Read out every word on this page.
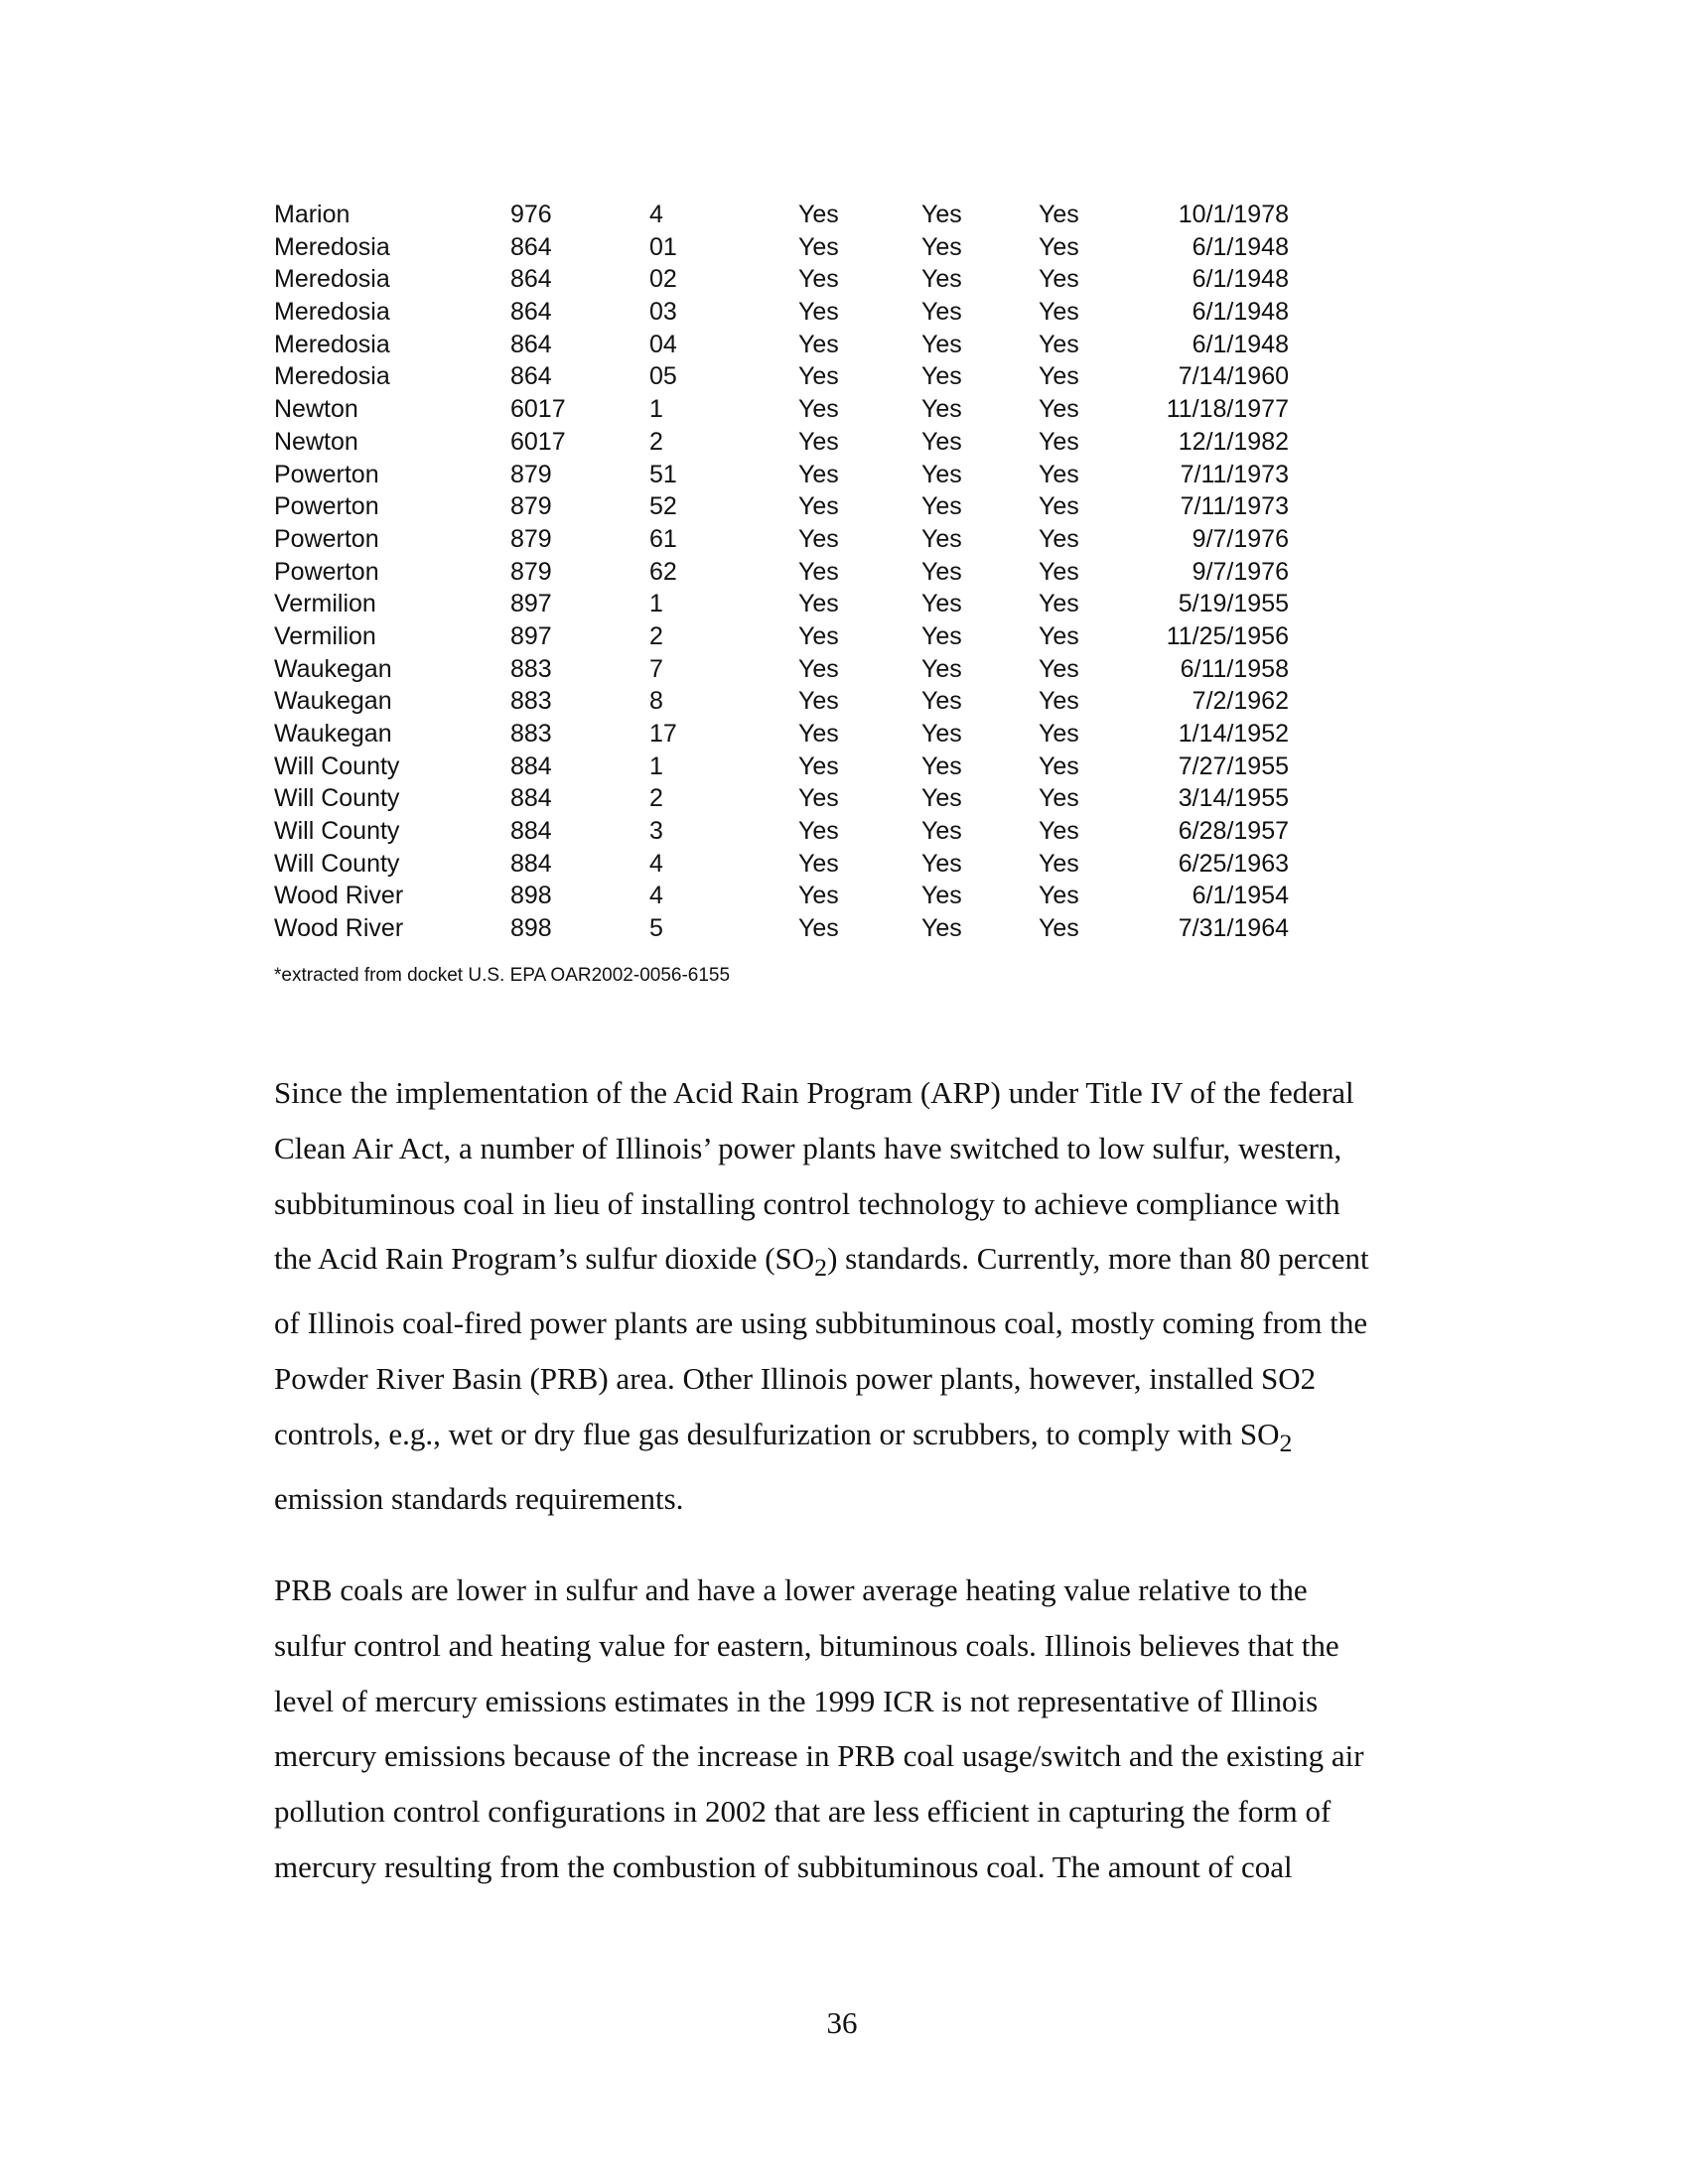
Marion	976	4	Yes	Yes	Yes	10/1/1978
Meredosia	864	01	Yes	Yes	Yes	6/1/1948
Meredosia	864	02	Yes	Yes	Yes	6/1/1948
Meredosia	864	03	Yes	Yes	Yes	6/1/1948
Meredosia	864	04	Yes	Yes	Yes	6/1/1948
Meredosia	864	05	Yes	Yes	Yes	7/14/1960
Newton	6017	1	Yes	Yes	Yes	11/18/1977
Newton	6017	2	Yes	Yes	Yes	12/1/1982
Powerton	879	51	Yes	Yes	Yes	7/11/1973
Powerton	879	52	Yes	Yes	Yes	7/11/1973
Powerton	879	61	Yes	Yes	Yes	9/7/1976
Powerton	879	62	Yes	Yes	Yes	9/7/1976
Vermilion	897	1	Yes	Yes	Yes	5/19/1955
Vermilion	897	2	Yes	Yes	Yes	11/25/1956
Waukegan	883	7	Yes	Yes	Yes	6/11/1958
Waukegan	883	8	Yes	Yes	Yes	7/2/1962
Waukegan	883	17	Yes	Yes	Yes	1/14/1952
Will County	884	1	Yes	Yes	Yes	7/27/1955
Will County	884	2	Yes	Yes	Yes	3/14/1955
Will County	884	3	Yes	Yes	Yes	6/28/1957
Will County	884	4	Yes	Yes	Yes	6/25/1963
Wood River	898	4	Yes	Yes	Yes	6/1/1954
Wood River	898	5	Yes	Yes	Yes	7/31/1964
*extracted from docket U.S. EPA OAR2002-0056-6155

Since the implementation of the Acid Rain Program (ARP) under Title IV of the federal
Clean Air Act, a number of Illinois’ power plants have switched to low sulfur, western,
subbituminous coal in lieu of installing control technology to achieve compliance with
the Acid Rain Program’s sulfur dioxide $(SO_2)$ standards. Currently, more than 80 percent
of Illinois coal-fired power plants are using subbituminous coal, mostly coming from the
Powder River Basin (PRB) area. Other Illinois power plants, however, installed SO2
controls, e.g., wet or dry flue gas desulfurization or scrubbers, to comply with $SO_2$
emission standards requirements.

PRB coals are lower in sulfur and have a lower average heating value relative to the
sulfur control and heating value for eastern, bituminous coals. Illinois believes that the
level of mercury emissions estimates in the 1999 ICR is not representative of Illinois
mercury emissions because of the increase in PRB coal usage/switch and the existing air
pollution control configurations in 2002 that are less efficient in capturing the form of
mercury resulting from the combustion of subbituminous coal. The amount of coal

36
